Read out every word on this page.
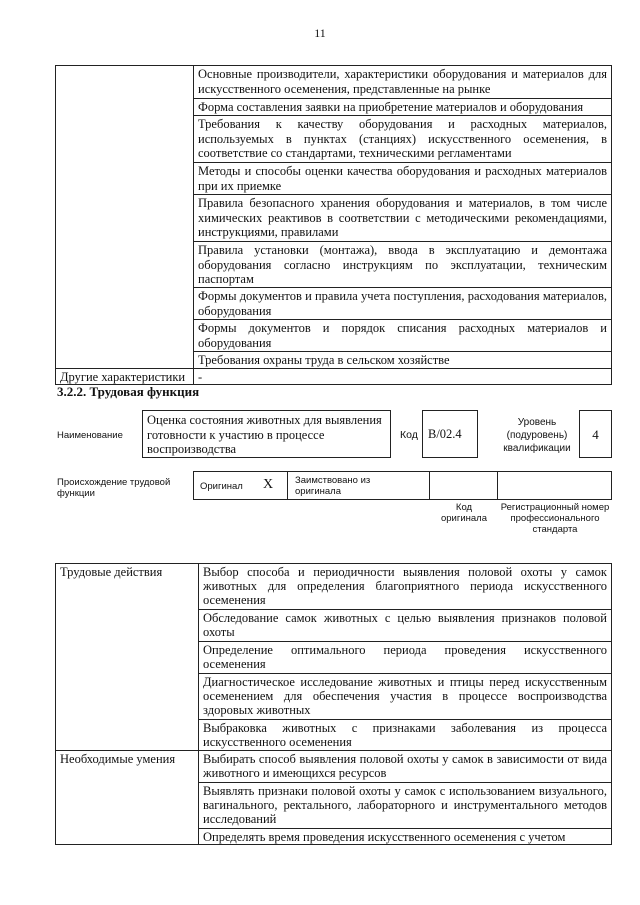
11
	Основные производители, характеристики оборудования и материалов для искусственного осеменения, представленные на рынке
	Форма составления заявки на приобретение материалов и оборудования
	Требования к качеству оборудования и расходных материалов, используемых в пунктах (станциях) искусственного осеменения, в соответствие со стандартами, техническими регламентами
	Методы и способы оценки качества оборудования и расходных материалов при их приемке
	Правила безопасного хранения оборудования и материалов, в том числе химических реактивов в соответствии с методическими рекомендациями, инструкциями, правилами
	Правила установки (монтажа), ввода в эксплуатацию и демонтажа оборудования согласно инструкциям по эксплуатации, техническим паспортам
	Формы документов и правила учета поступления, расходования материалов, оборудования
	Формы документов и порядок списания расходных материалов и оборудования
	Требования охраны труда в сельском хозяйстве
Другие характеристики	-
3.2.2. Трудовая функция
Наименование
Оценка состояния животных для выявления готовности к участию в процессе воспроизводства
Код B/02.4
Уровень (подуровень) квалификации
4
Происхождение трудовой функции
Оригинал X Заимствовано из оригинала
Код оригинала
Регистрационный номер профессионального стандарта
Трудовые действия	Выбор способа и периодичности выявления половой охоты у самок животных для определения благоприятного периода искусственного осеменения
	Обследование самок животных с целью выявления признаков половой охоты
	Определение оптимального периода проведения искусственного осеменения
	Диагностическое исследование животных и птицы перед искусственным осеменением для обеспечения участия в процессе воспроизводства здоровых животных
	Выбраковка животных с признаками заболевания из процесса искусственного осеменения
Необходимые умения	Выбирать способ выявления половой охоты у самок в зависимости от вида животного и имеющихся ресурсов
	Выявлять признаки половой охоты у самок с использованием визуального, вагинального, ректального, лабораторного и инструментального методов исследований
	Определять время проведения искусственного осеменения с учетом
